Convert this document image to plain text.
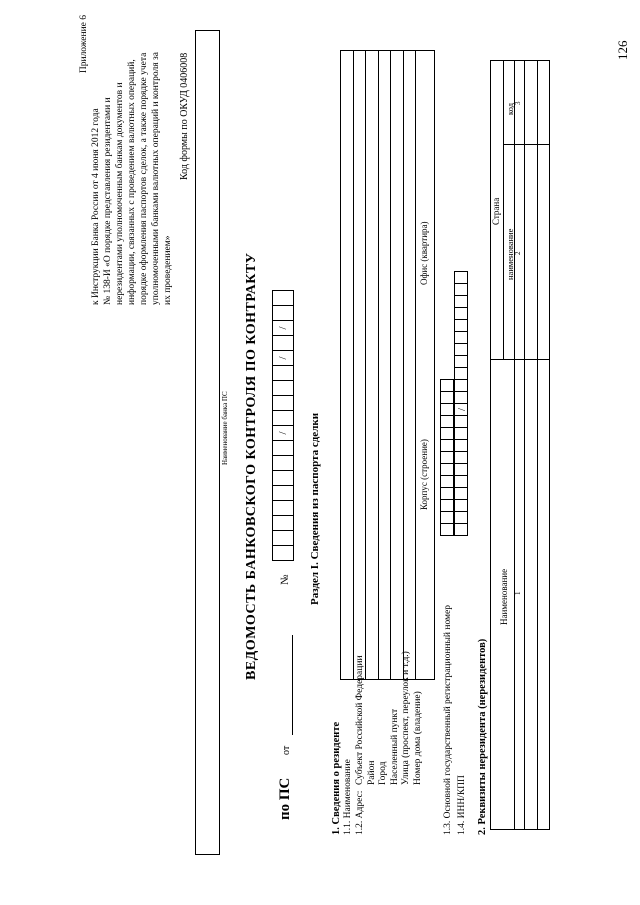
126
Приложение 6
к Инструкции Банка России от 4 июня 2012 года № 138-И «О порядке представления резидентами и нерезидентами уполномоченным банкам документов и информации, связанных с проведением валютных операций, порядке оформления паспортов сделок, а также порядке учета уполномоченными банками валютных операций и контроля за их проведением»
Код формы по ОКУД 0406008
Наименование банка ПС ВЕДОМОСТЬ БАНКОВСКОГО КОНТРОЛЯ ПО КОНТРАКТУ
по ПС
от
№
/
/
/
Раздел I. Сведения из паспорта сделки
1. Сведения о резиденте 1.1. Наименование 1.2. Адрес:
Субъект Российской Федерации Район Город Населенный пункт Улица (проспект, переулок и т.д.) Номер дома (владение)
Корпус (строение)
Офис (квартира)
1.3. Основной государственный регистрационный номер 1.4. ИНН/КПП
/
2. Реквизиты нерезидента (нерезидентов)
Наименование
Страна
наименование
код
1
2
3
